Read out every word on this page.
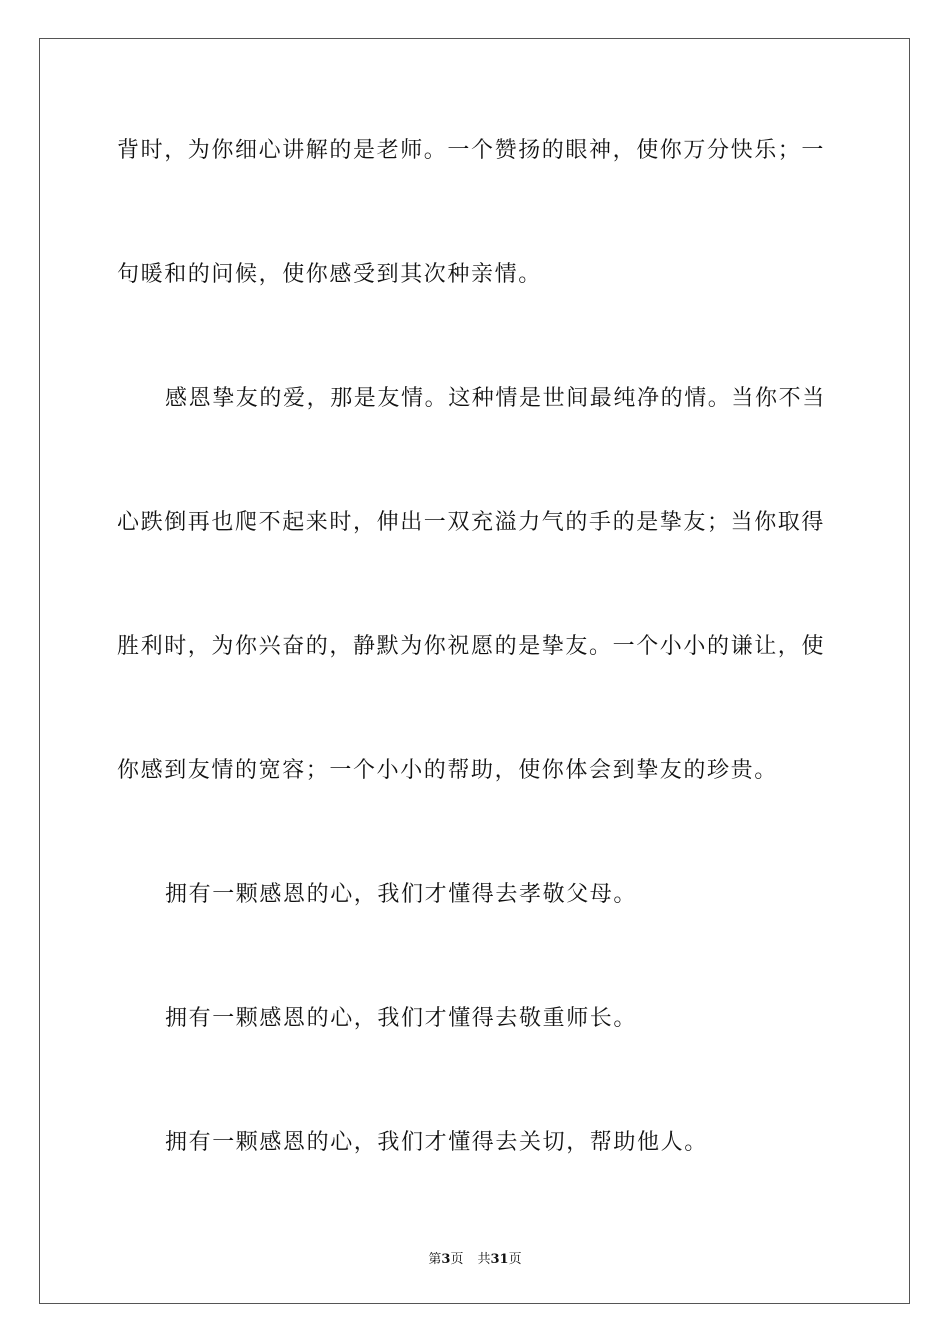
背时，为你细心讲解的是老师。一个赞扬的眼神，使你万分快乐；一
句暖和的问候，使你感受到其次种亲情。
感恩挚友的爱，那是友情。这种情是世间最纯净的情。当你不当
心跌倒再也爬不起来时，伸出一双充溢力气的手的是挚友；当你取得
胜利时，为你兴奋的，静默为你祝愿的是挚友。一个小小的谦让，使
你感到友情的宽容；一个小小的帮助，使你体会到挚友的珍贵。
拥有一颗感恩的心，我们才懂得去孝敬父母。
拥有一颗感恩的心，我们才懂得去敬重师长。
拥有一颗感恩的心，我们才懂得去关切，帮助他人。
第3页 共31页
